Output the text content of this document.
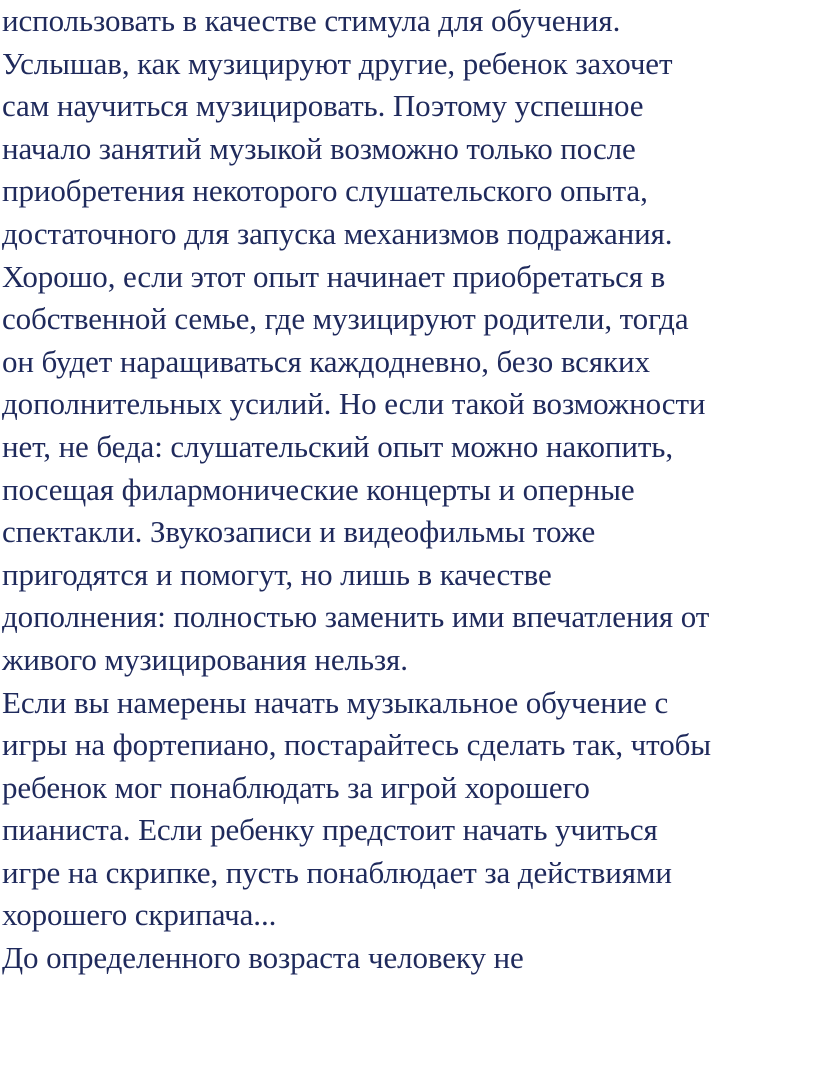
использовать в качестве стимула для обучения.
Услышав, как музицируют другие, ребенок захочет
сам научиться музицировать. Поэтому успешное
начало занятий музыкой возможно только после
приобретения некоторого слушательского опыта,
достаточного для запуска механизмов подражания.
Хорошо, если этот опыт начинает приобретаться в
собственной семье, где музицируют родители, тогда
он будет наращиваться каждодневно, безо всяких
дополнительных усилий. Но если такой возможности
нет, не беда: слушательский опыт можно накопить,
посещая филармонические концерты и оперные
спектакли. Звукозаписи и видеофильмы тоже
пригодятся и помогут, но лишь в качестве
дополнения: полностью заменить ими впечатления от
живого музицирования нельзя.
Если вы намерены начать музыкальное обучение с
игры на фортепиано, постарайтесь сделать так, чтобы
ребенок мог понаблюдать за игрой хорошего
пианиста. Если ребенку предстоит начать учиться
игре на скрипке, пусть понаблюдает за действиями
хорошего скрипача...
До определенного возраста человеку не
